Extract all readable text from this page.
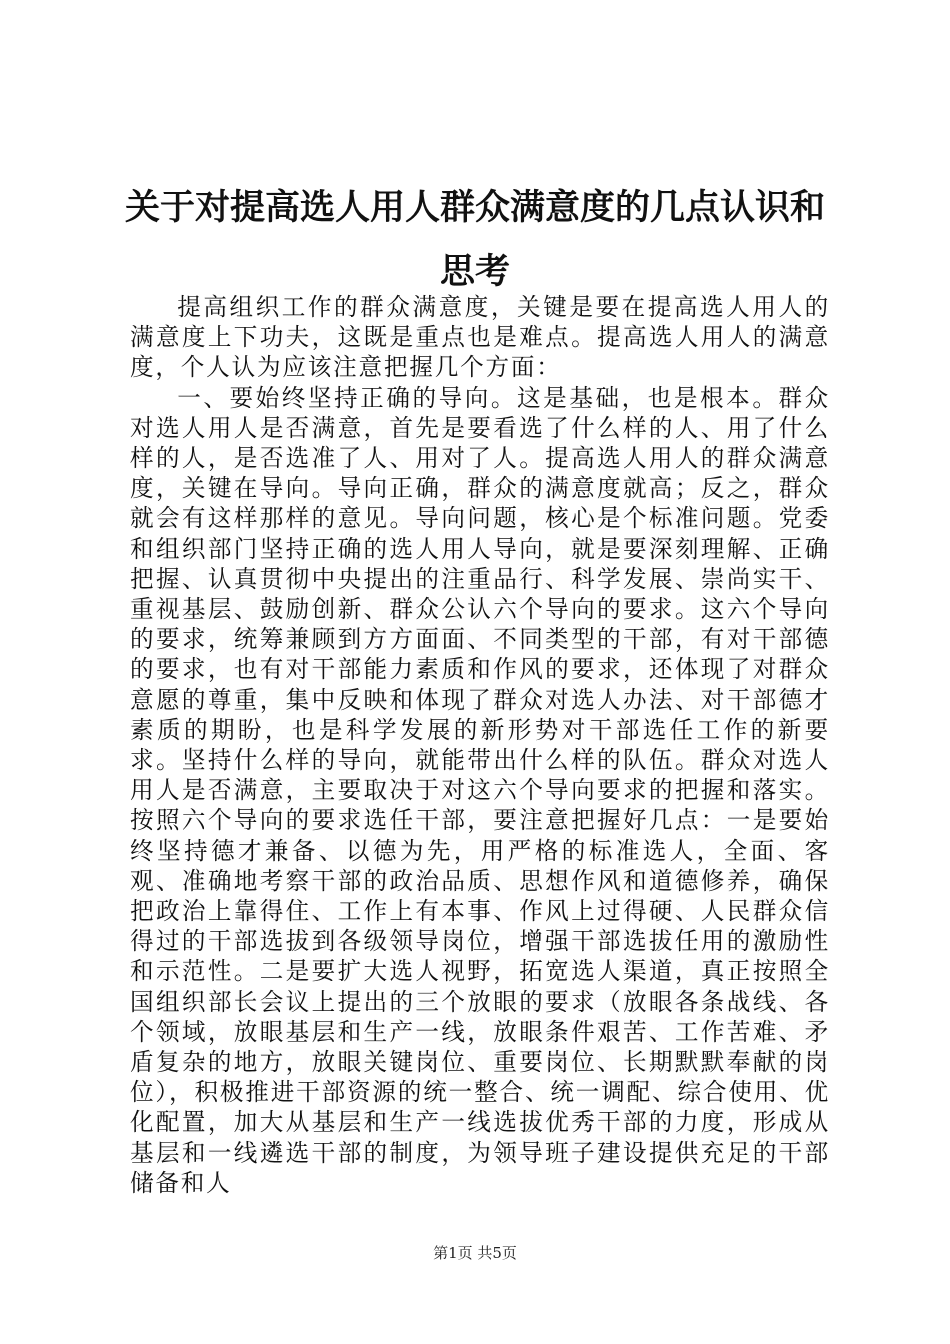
关于对提高选人用人群众满意度的几点认识和思考

提高组织工作的群众满意度，关键是要在提高选人用人的满意度上下功夫，这既是重点也是难点。提高选人用人的满意度，个人认为应该注意把握几个方面：

一、要始终坚持正确的导向。这是基础，也是根本。群众对选人用人是否满意，首先是要看选了什么样的人、用了什么样的人，是否选准了人、用对了人。提高选人用人的群众满意度，关键在导向。导向正确，群众的满意度就高；反之，群众就会有这样那样的意见。导向问题，核心是个标准问题。党委和组织部门坚持正确的选人用人导向，就是要深刻理解、正确把握、认真贯彻中央提出的注重品行、科学发展、崇尚实干、重视基层、鼓励创新、群众公认六个导向的要求。这六个导向的要求，统筹兼顾到方方面面、不同类型的干部，有对干部德的要求，也有对干部能力素质和作风的要求，还体现了对群众意愿的尊重，集中反映和体现了群众对选人办法、对干部德才素质的期盼，也是科学发展的新形势对干部选任工作的新要求。坚持什么样的导向，就能带出什么样的队伍。群众对选人用人是否满意，主要取决于对这六个导向要求的把握和落实。按照六个导向的要求选任干部，要注意把握好几点：一是要始终坚持德才兼备、以德为先，用严格的标准选人，全面、客观、准确地考察干部的政治品质、思想作风和道德修养，确保把政治上靠得住、工作上有本事、作风上过得硬、人民群众信得过的干部选拔到各级领导岗位，增强干部选拔任用的激励性和示范性。二是要扩大选人视野，拓宽选人渠道，真正按照全国组织部长会议上提出的三个放眼的要求（放眼各条战线、各个领域，放眼基层和生产一线，放眼条件艰苦、工作苦难、矛盾复杂的地方，放眼关键岗位、重要岗位、长期默默奉献的岗位），积极推进干部资源的统一整合、统一调配、综合使用、优化配置，加大从基层和生产一线选拔优秀干部的力度，形成从基层和一线遴选干部的制度，为领导班子建设提供充足的干部储备和人

第1页 共5页
